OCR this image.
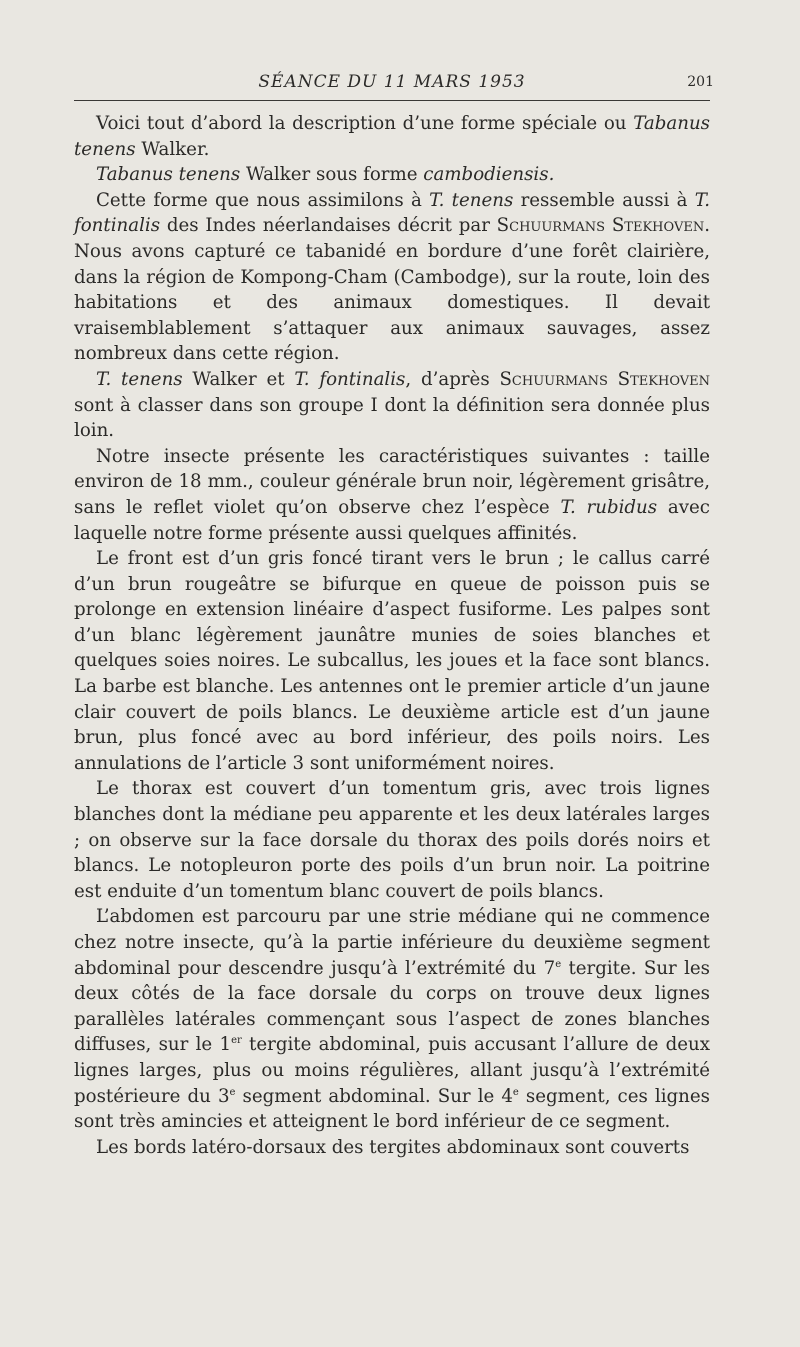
SÉANCE DU 11 MARS 1953	201

Voici tout d’abord la description d’une forme spéciale ou Tabanus tenens Walker.

Tabanus tenens Walker sous forme cambodiensis.

Cette forme que nous assimilons à T. tenens ressemble aussi à T. fontinalis des Indes néerlandaises décrit par Schuurmans Stekhoven. Nous avons capturé ce tabanidé en bordure d’une forêt clairière, dans la région de Kompong-Cham (Cambodge), sur la route, loin des habitations et des animaux domestiques. Il devait vraisemblablement s’attaquer aux animaux sauvages, assez nombreux dans cette région.

T. tenens Walker et T. fontinalis, d’après Schuurmans Stekhoven sont à classer dans son groupe I dont la définition sera donnée plus loin.

Notre insecte présente les caractéristiques suivantes : taille environ de 18 mm., couleur générale brun noir, légèrement grisâtre, sans le reflet violet qu’on observe chez l’espèce T. rubidus avec laquelle notre forme présente aussi quelques affinités.

Le front est d’un gris foncé tirant vers le brun ; le callus carré d’un brun rougeâtre se bifurque en queue de poisson puis se prolonge en extension linéaire d’aspect fusiforme. Les palpes sont d’un blanc légèrement jaunâtre munies de soies blanches et quelques soies noires. Le subcallus, les joues et la face sont blancs. La barbe est blanche. Les antennes ont le premier article d’un jaune clair couvert de poils blancs. Le deuxième article est d’un jaune brun, plus foncé avec au bord inférieur, des poils noirs. Les annulations de l’article 3 sont uniformément noires.

Le thorax est couvert d’un tomentum gris, avec trois lignes blanches dont la médiane peu apparente et les deux latérales larges ; on observe sur la face dorsale du thorax des poils dorés noirs et blancs. Le notopleuron porte des poils d’un brun noir. La poitrine est enduite d’un tomentum blanc couvert de poils blancs.

L’abdomen est parcouru par une strie médiane qui ne commence chez notre insecte, qu’à la partie inférieure du deuxième segment abdominal pour descendre jusqu’à l’extrémité du 7e tergite. Sur les deux côtés de la face dorsale du corps on trouve deux lignes parallèles latérales commençant sous l’aspect de zones blanches diffuses, sur le 1er tergite abdominal, puis accusant l’allure de deux lignes larges, plus ou moins régulières, allant jusqu’à l’extrémité postérieure du 3e segment abdominal. Sur le 4e segment, ces lignes sont très amincies et atteignent le bord inférieur de ce segment.

Les bords latéro-dorsaux des tergites abdominaux sont couverts
